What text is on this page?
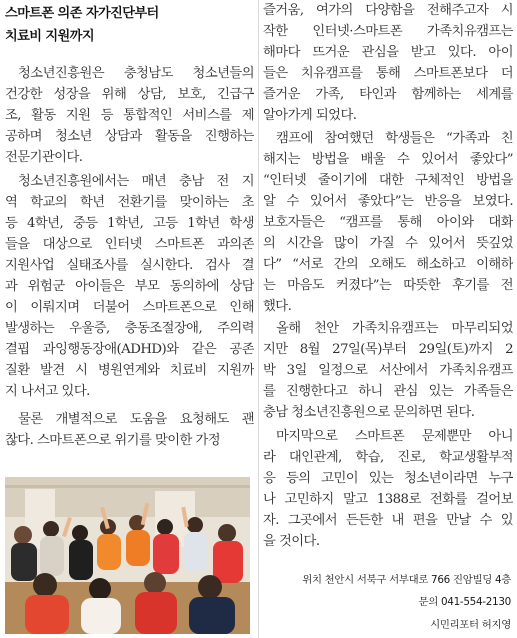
스마트폰 의존 자가진단부터
치료비 지원까지
청소년진흥원은 충청남도 청소년들의
건강한 성장을 위해 상담, 보호, 긴급구
조, 활동 지원 등 통합적인 서비스를 제
공하며 청소년 상담과 활동을 진행하는
전문기관이다.
청소년진흥원에서는 매년 충남 전 지
역 학교의 학년 전환기를 맞이하는 초
등 4학년, 중등 1학년, 고등 1학년 학생
들을 대상으로 인터넷 스마트폰 과의존
지원사업 실태조사를 실시한다. 검사 결
과 위험군 아이들은 부모 동의하에 상담
이 이뤄지며 더불어 스마트폰으로 인해
발생하는 우울증, 충동조절장애, 주의력
결핍 과잉행동장애(ADHD)와 같은 공존
질환 발견 시 병원연계와 치료비 지원까
지 나서고 있다.
물론 개별적으로 도움을 요청해도 괜
찮다. 스마트폰으로 위기를 맞이한 가정
즐거움, 여가의 다양함을 전해주고자 시
작한 인터넷·스마트폰 가족치유캠프는
해마다 뜨거운 관심을 받고 있다. 아이
들은 치유캠프를 통해 스마트폰보다 더
즐거운 가족, 타인과 함께하는 세계를
알아가게 되었다.
캠프에 참여했던 학생들은 “가족과 친
해지는 방법을 배울 수 있어서 좋았다”
“인터넷 줄이기에 대한 구체적인 방법을
알 수 있어서 좋았다”는 반응을 보였다.
보호자들은 “캠프를 통해 아이와 대화
의 시간을 많이 가질 수 있어서 뜻깊었
다” “서로 간의 오해도 해소하고 이해하
는 마음도 커졌다”는 따뜻한 후기를 전
했다.
올해 천안 가족치유캠프는 마무리되었
지만 8월 27일(목)부터 29일(토)까지 2
박 3일 일정으로 서산에서 가족치유캠프
를 진행한다고 하니 관심 있는 가족들은
충남 청소년진흥원으로 문의하면 된다.
마지막으로 스마트폰 문제뿐만 아니
라 대인관계, 학습, 진로, 학교생활부적
응 등의 고민이 있는 청소년이라면 누구
나 고민하지 말고 1388로 전화를 걸어보
자. 그곳에서 든든한 내 편을 만날 수 있
을 것이다.
위치 천안시 서북구 서부대로 766 진암빌딩 4층
문의 041-554-2130
시민리포터 허지영
